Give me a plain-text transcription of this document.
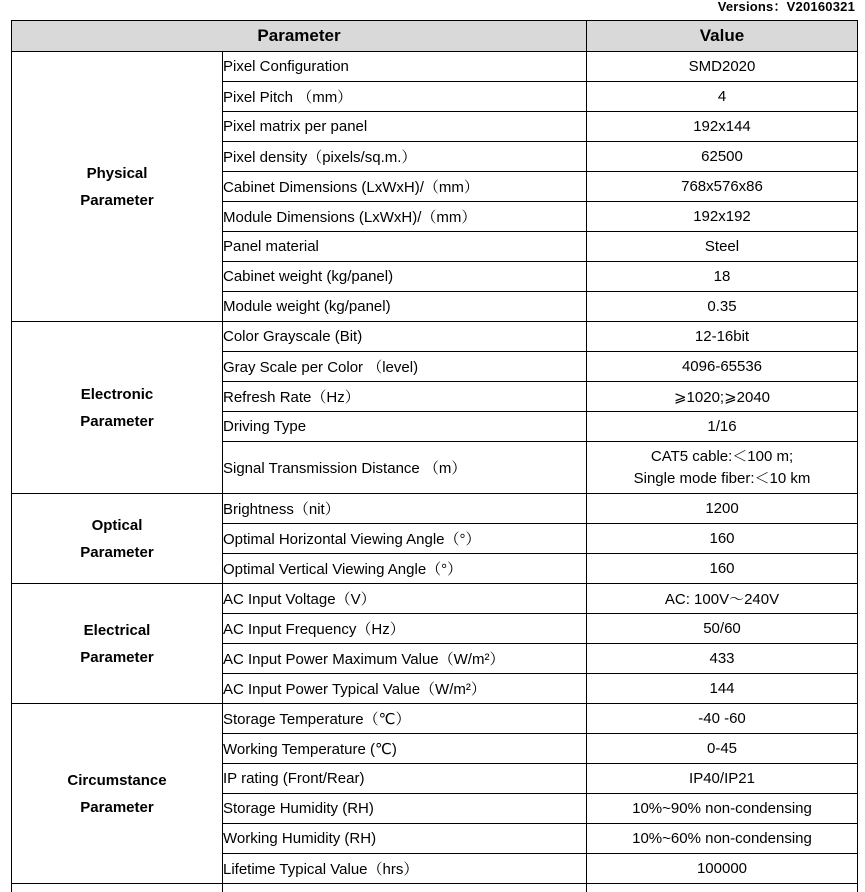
Versions：V20160321
Parameter		Value

Physical
Parameter	Pixel Configuration	SMD2020
	Pixel Pitch （mm）	4
	Pixel matrix per panel	192x144
	Pixel density（pixels/sq.m.）	62500
	Cabinet Dimensions (LxWxH)/（mm）	768x576x86
	Module Dimensions (LxWxH)/（mm）	192x192
	Panel material	Steel
	Cabinet weight (kg/panel)	18
	Module weight (kg/panel)	0.35

Electronic
Parameter	Color Grayscale (Bit)	12-16bit
	Gray Scale per Color （level)	4096-65536
	Refresh Rate（Hz）	⩾1020;⩾2040
	Driving Type	1/16
	Signal Transmission Distance （m）	CAT5 cable:＜100 m;
Single mode fiber:＜10 km

Optical
Parameter	Brightness（nit）	1200
	Optimal Horizontal Viewing Angle（°）	160
	Optimal Vertical Viewing Angle（°）	160

Electrical
Parameter	AC Input Voltage（V）	AC: 100V～240V
	AC Input Frequency（Hz）	50/60
	AC Input Power Maximum Value（W/m²）	433
	AC Input Power Typical Value（W/m²）	144

Circumstance
Parameter	Storage Temperature（℃）	-40 -60
	Working Temperature (℃)	0-45
	IP rating (Front/Rear)	IP40/IP21
	Storage Humidity (RH)	10%~90% non-condensing
	Working Humidity (RH)	10%~60% non-condensing
	Lifetime Typical Value（hrs）	100000
